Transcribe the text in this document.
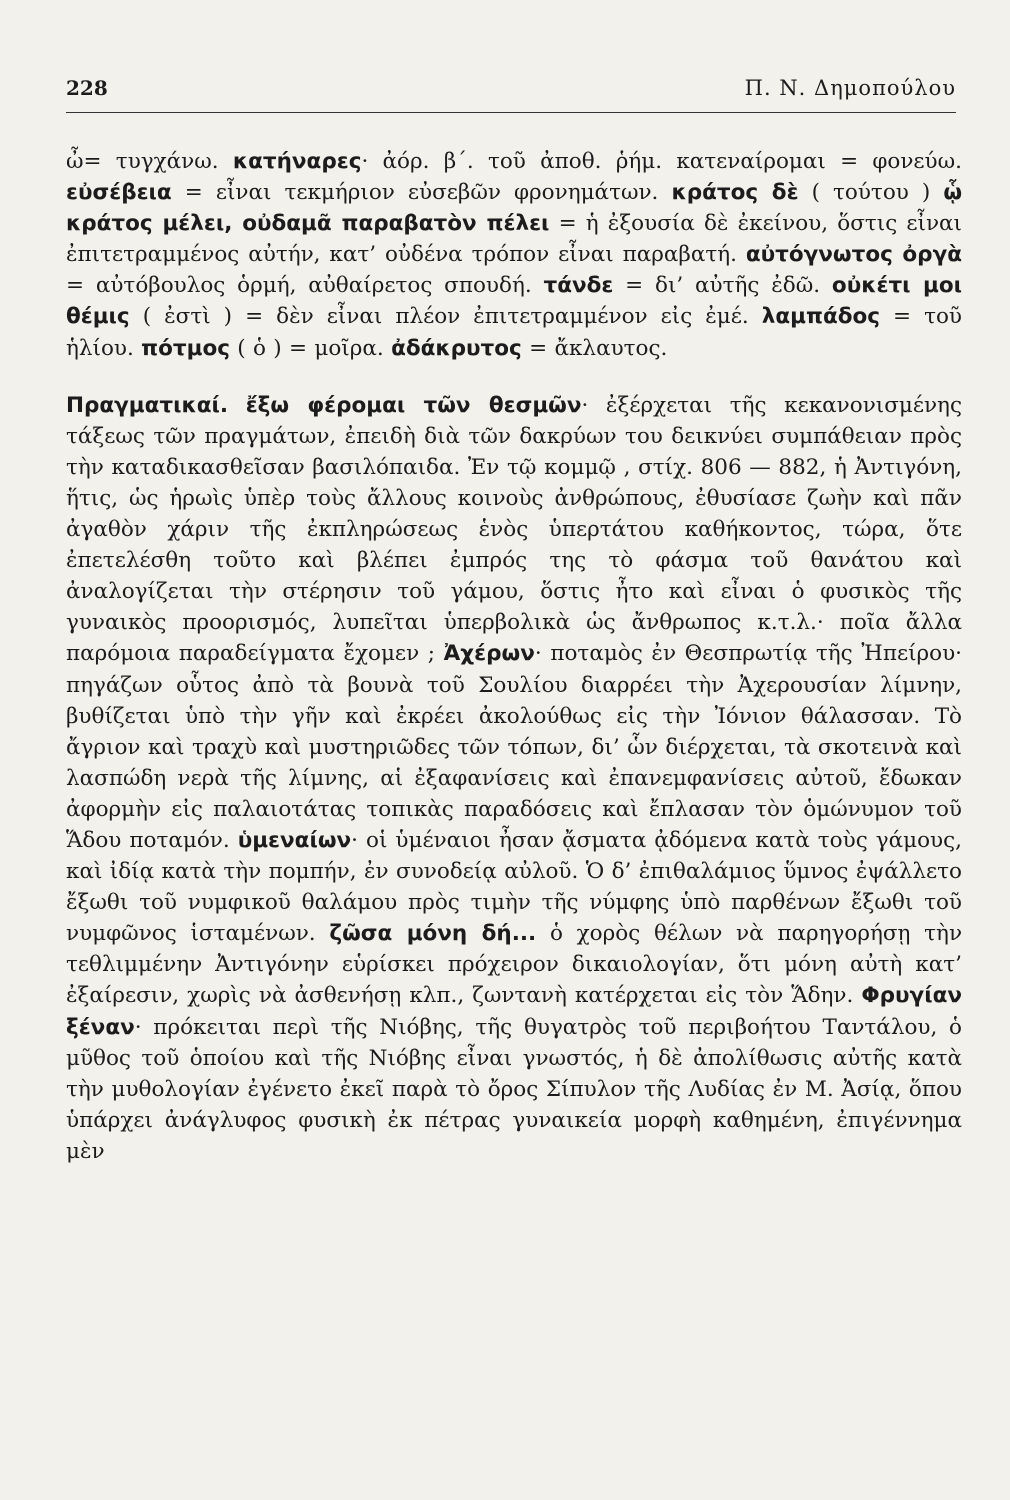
228	Π. Ν. Δημοπούλου

ὦ= τυγχάνω. κατήναρες· ἀόρ. β΄. τοῦ ἀποθ. ῥήμ. κατεναίρομαι = φονεύω. εὐσέβεια = εἶναι τεκμήριον εὐσεβῶν φρονημάτων. κράτος δὲ ( τούτου ) ᾧ κράτος μέλει, οὐδαμᾶ παραβατὸν πέλει = ἡ ἐξουσία δὲ ἐκείνου, ὅστις εἶναι ἐπιτετραμμένος αὐτήν, κατ’ οὐδένα τρόπον εἶναι παραβατή. αὐτόγνωτος ὀργὰ = αὐτόβουλος ὁρμή, αὐθαίρετος σπουδή. τάνδε = δι’ αὐτῆς ἐδῶ. οὐκέτι μοι θέμις ( ἐστὶ ) = δὲν εἶναι πλέον ἐπιτετραμμένον εἰς ἐμέ. λαμπάδος = τοῦ ἡλίου. πότμος ( ὁ ) = μοῖρα. ἀδάκρυτος = ἄκλαυτος.

Πραγματικαί. ἔξω φέρομαι τῶν θεσμῶν· ἐξέρχεται τῆς κεκανονισμένης τάξεως τῶν πραγμάτων, ἐπειδὴ διὰ τῶν δακρύων του δεικνύει συμπάθειαν πρὸς τὴν καταδικασθεῖσαν βασιλόπαιδα. Ἐν τῷ κομμῷ , στίχ. 806 — 882, ἡ Ἀντιγόνη, ἥτις, ὡς ἡρωὶς ὑπὲρ τοὺς ἄλλους κοινοὺς ἀνθρώπους, ἐθυσίασε ζωὴν καὶ πᾶν ἀγαθὸν χάριν τῆς ἐκπληρώσεως ἑνὸς ὑπερτάτου καθήκοντος, τώρα, ὅτε ἐπετελέσθη τοῦτο καὶ βλέπει ἐμπρός της τὸ φάσμα τοῦ θανάτου καὶ ἀναλογίζεται τὴν στέρησιν τοῦ γάμου, ὅστις ἦτο καὶ εἶναι ὁ φυσικὸς τῆς γυναικὸς προορισμός, λυπεῖται ὑπερβολικὰ ὡς ἄνθρωπος κ.τ.λ.· ποῖα ἄλλα παρόμοια παραδείγματα ἔχομεν ; Ἀχέρων· ποταμὸς ἐν Θεσπρωτίᾳ τῆς Ἠπείρου· πηγάζων οὗτος ἀπὸ τὰ βουνὰ τοῦ Σουλίου διαρρέει τὴν Ἀχερουσίαν λίμνην, βυθίζεται ὑπὸ τὴν γῆν καὶ ἐκρέει ἀκολούθως εἰς τὴν Ἰόνιον θάλασσαν. Τὸ ἄγριον καὶ τραχὺ καὶ μυστηριῶδες τῶν τόπων, δι’ ὧν διέρχεται, τὰ σκοτεινὰ καὶ λασπώδη νερὰ τῆς λίμνης, αἱ ἐξαφανίσεις καὶ ἐπανεμφανίσεις αὐτοῦ, ἔδωκαν ἀφορμὴν εἰς παλαιοτάτας τοπικὰς παραδόσεις καὶ ἔπλασαν τὸν ὁμώνυμον τοῦ Ἅδου ποταμόν. ὑμεναίων· οἱ ὑμέναιοι ἦσαν ᾄσματα ᾀδόμενα κατὰ τοὺς γάμους, καὶ ἰδίᾳ κατὰ τὴν πομπήν, ἐν συνοδείᾳ αὐλοῦ. Ὁ δ’ ἐπιθαλάμιος ὕμνος ἐψάλλετο ἔξωθι τοῦ νυμφικοῦ θαλάμου πρὸς τιμὴν τῆς νύμφης ὑπὸ παρθένων ἔξωθι τοῦ νυμφῶνος ἱσταμένων. ζῶσα μόνη δή... ὁ χορὸς θέλων νὰ παρηγορήσῃ τὴν τεθλιμμένην Ἀντιγόνην εὑρίσκει πρόχειρον δικαιολογίαν, ὅτι μόνη αὐτὴ κατ’ ἐξαίρεσιν, χωρὶς νὰ ἀσθενήσῃ κλπ., ζωντανὴ κατέρχεται εἰς τὸν Ἅδην. Φρυγίαν ξέναν· πρόκειται περὶ τῆς Νιόβης, τῆς θυγατρὸς τοῦ περιβοήτου Ταντάλου, ὁ μῦθος τοῦ ὁποίου καὶ τῆς Νιόβης εἶναι γνωστός, ἡ δὲ ἀπολίθωσις αὐτῆς κατὰ τὴν μυθολογίαν ἐγένετο ἐκεῖ παρὰ τὸ ὄρος Σίπυλον τῆς Λυδίας ἐν Μ. Ἀσίᾳ, ὅπου ὑπάρχει ἀνάγλυφος φυσικὴ ἐκ πέτρας γυναικεία μορφὴ καθημένη, ἐπιγέννημα μὲν
